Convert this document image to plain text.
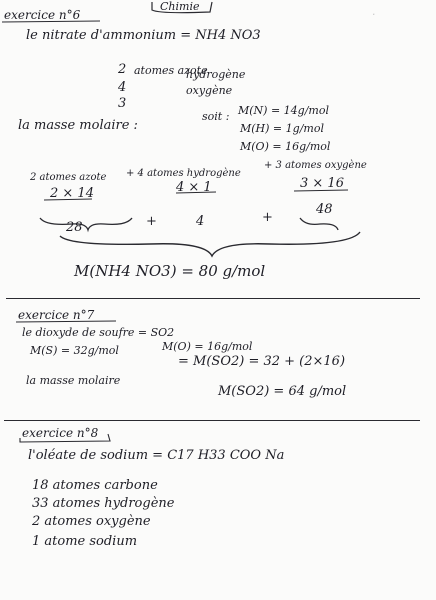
Chimie
·
exercice n°6
le nitrate d'ammonium = NH4 NO3
2 atomes azote
4
hydrogène
3
oxygène
la masse molaire :
soit : M(N) = 14g/mol
M(H) = 1g/mol
M(O) = 16g/mol
2 atomes azote + 4 atomes hydrogène
+ 3 atomes oxygène
2 × 14	4 × 1	3 × 16
28	+	4	+
48
M(NH4 NO3) = 80 g/mol
exercice n°7
le dioxyde de soufre = SO2
M(S) = 32g/mol	M(O) = 16g/mol
la masse molaire
= M(SO2) = 32 + (2×16)
M(SO2) = 64 g/mol
exercice n°8
l'oléate de sodium = C17 H33 COO Na
18 atomes carbone
33 atomes hydrogène
2 atomes oxygène
1 atome sodium
